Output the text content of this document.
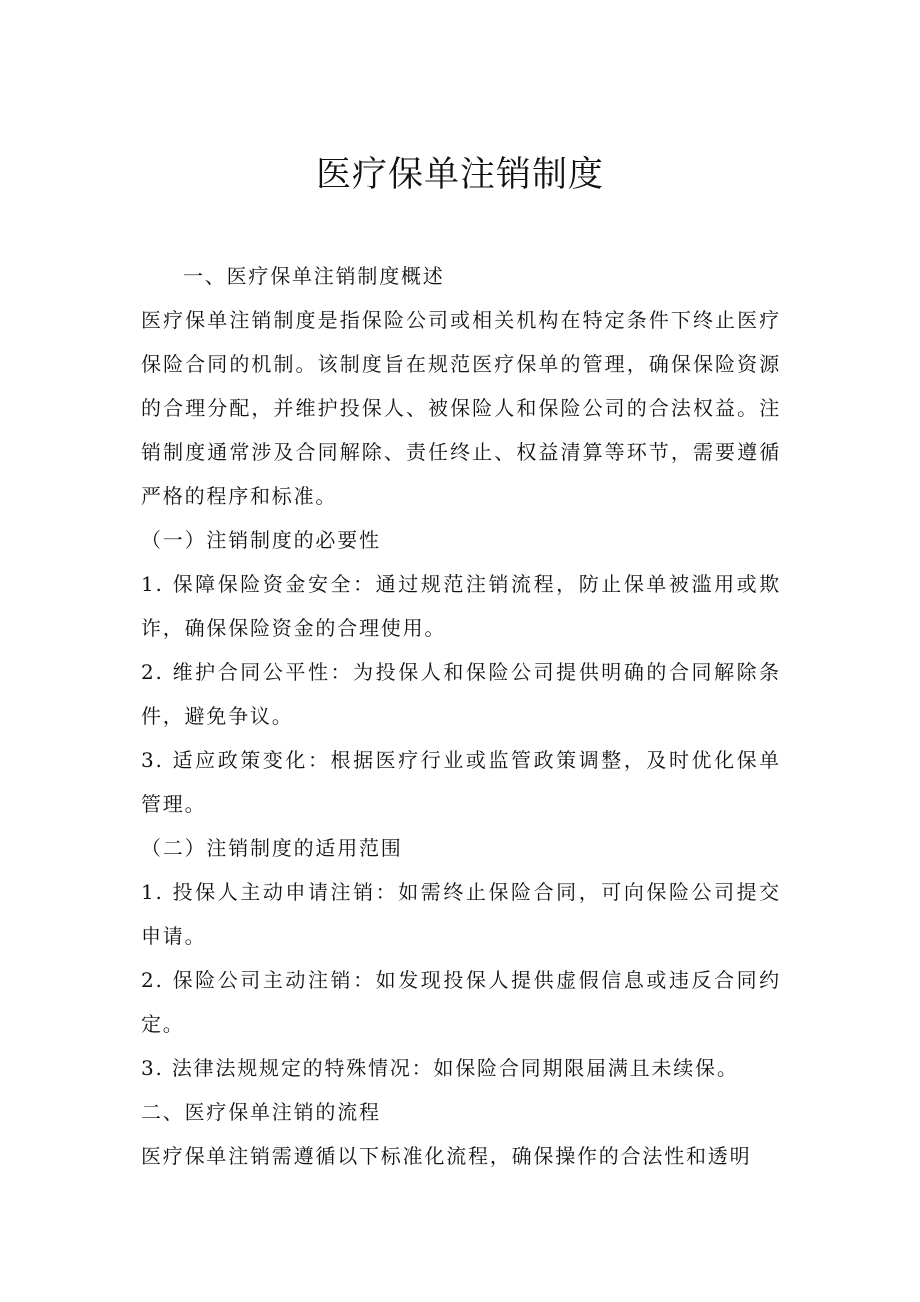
医疗保单注销制度

一、医疗保单注销制度概述

医疗保单注销制度是指保险公司或相关机构在特定条件下终止医疗保险合同的机制。该制度旨在规范医疗保单的管理，确保保险资源的合理分配，并维护投保人、被保险人和保险公司的合法权益。注销制度通常涉及合同解除、责任终止、权益清算等环节，需要遵循严格的程序和标准。

（一）注销制度的必要性

1. 保障保险资金安全：通过规范注销流程，防止保单被滥用或欺诈，确保保险资金的合理使用。

2. 维护合同公平性：为投保人和保险公司提供明确的合同解除条件，避免争议。

3. 适应政策变化：根据医疗行业或监管政策调整，及时优化保单管理。

（二）注销制度的适用范围

1. 投保人主动申请注销：如需终止保险合同，可向保险公司提交申请。

2. 保险公司主动注销：如发现投保人提供虚假信息或违反合同约定。

3. 法律法规规定的特殊情况：如保险合同期限届满且未续保。

二、医疗保单注销的流程

医疗保单注销需遵循以下标准化流程，确保操作的合法性和透明
